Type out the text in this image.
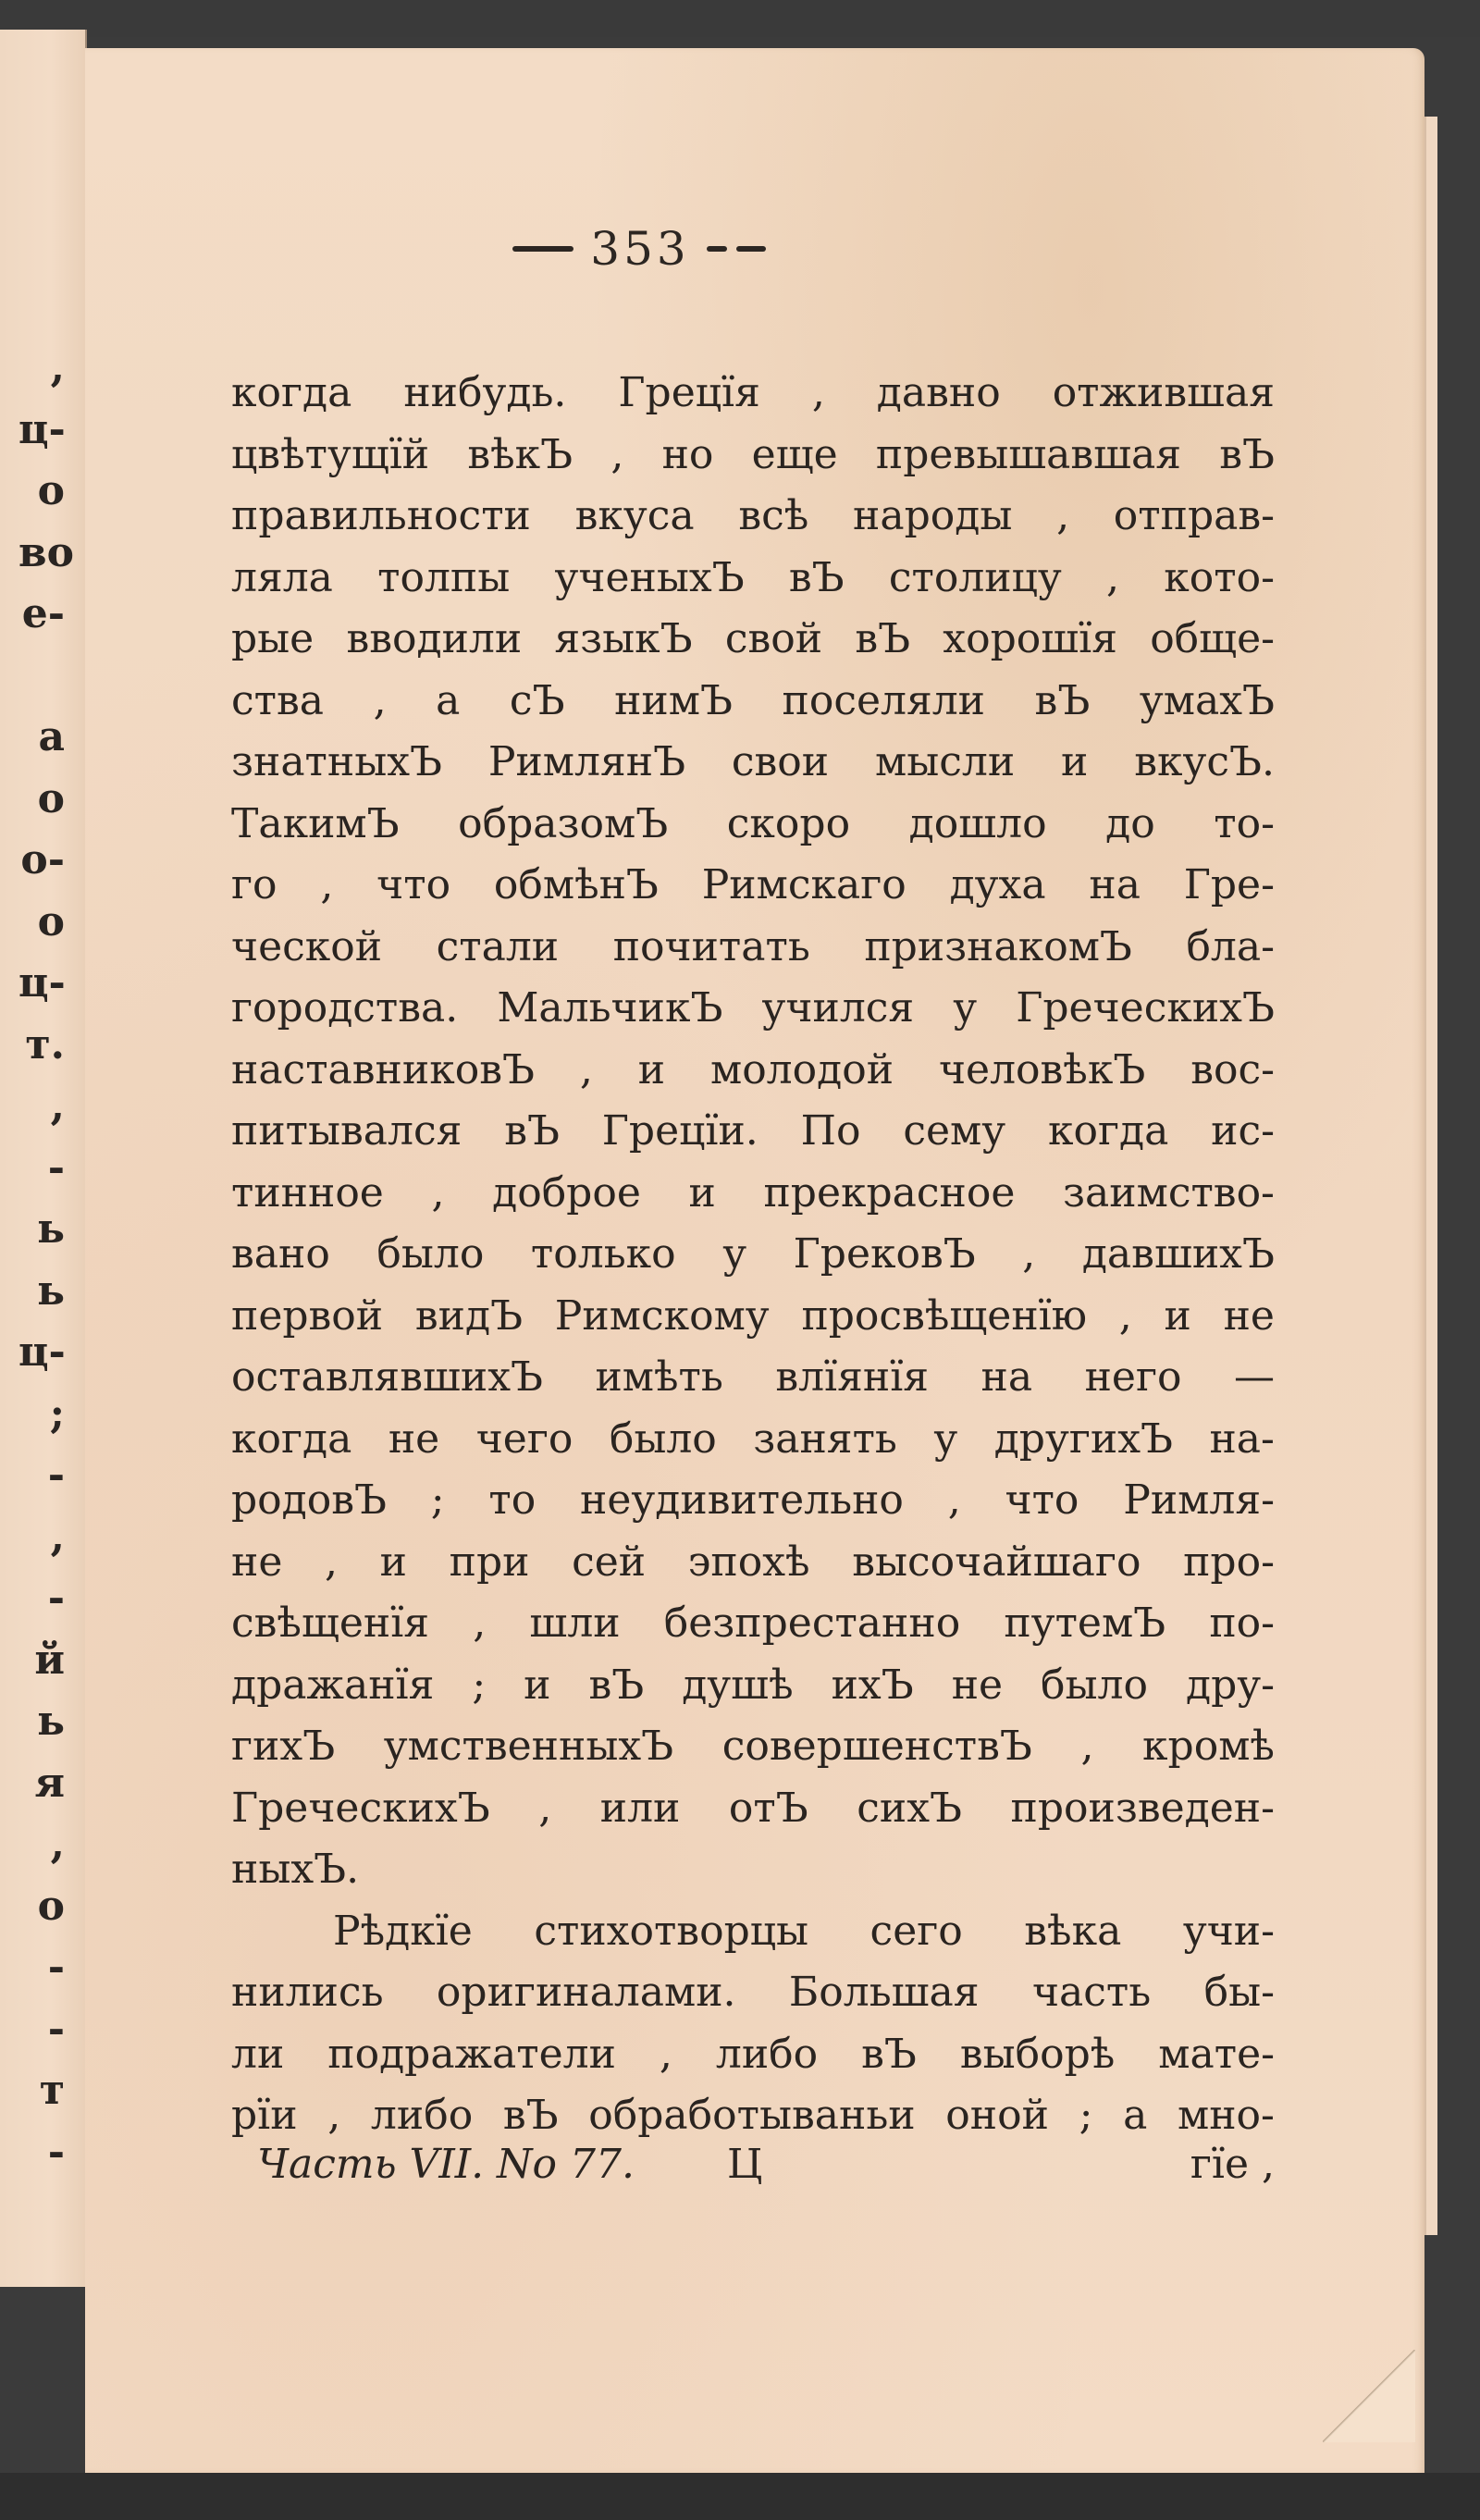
,
ц-
о
во
е-
а
о
о-
о
ц-
т.
,
-
ь
ь
ц-
;
-
,
-
й
ь
я
,
о
-
-
т
-
353
когда нибудь. Грецїя , давно отжившая
цвѣтущїй вѣкЪ , но еще превышавшая вЪ
правильности вкуса всѣ народы , отправ-
ляла толпы ученыхЪ вЪ столицу , кото-
рые вводили языкЪ свой вЪ хорошїя обще-
ства , а сЪ нимЪ поселяли вЪ умахЪ
знатныхЪ РимлянЪ свои мысли и вкусЪ.
ТакимЪ образомЪ скоро дошло до то-
го , что обмѣнЪ Римскаго духа на Гре-
ческой стали почитать признакомЪ бла-
городства. МальчикЪ учился у ГреческихЪ
наставниковЪ , и молодой человѣкЪ вос-
питывался вЪ Грецїи. По сему когда ис-
тинное , доброе и прекрасное заимство-
вано было только у ГрековЪ , давшихЪ
первой видЪ Римскому просвѣщенїю , и не
оставлявшихЪ имѣть влїянїя на него —
когда не чего было занять у другихЪ на-
родовЪ ; то неудивительно , что Римля-
не , и при сей эпохѣ высочайшаго про-
свѣщенїя , шли безпрестанно путемЪ по-
дражанїя ; и вЪ душѣ ихЪ не было дру-
гихЪ умственныхЪ совершенствЪ , кромѣ
ГреческихЪ , или отЪ сихЪ произведен-
ныхЪ.
Рѣдкїе стихотворцы сего вѣка учи-
нились оригиналами. Большая часть бы-
ли подражатели , либо вЪ выборѣ мате-
рїи , либо вЪ обработываньи оной ; а мно-
Часть VII. No 77. Ц	гїе ,
